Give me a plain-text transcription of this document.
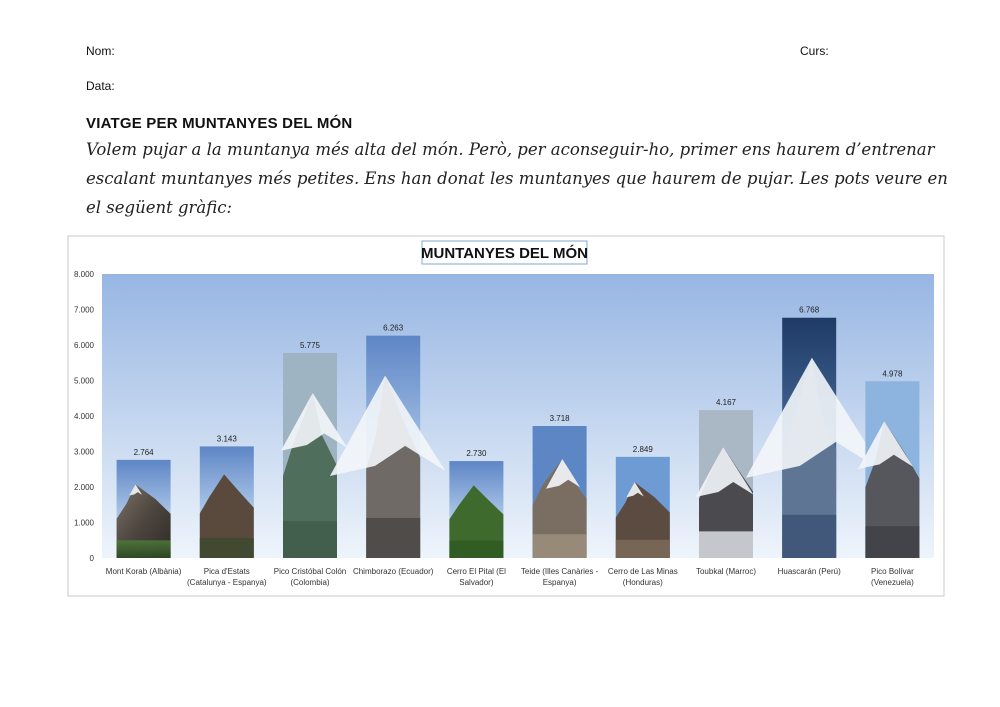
Nom:	Curs:
Data:
VIATGE PER MUNTANYES DEL MÓN
Volem pujar a la muntanya més alta del món. Però, per aconseguir-ho, primer ens haurem d’entrenar escalant muntanyes més petites. Ens han donat les muntanyes que haurem de pujar. Les pots veure en el següent gràfic:
0
1.000
2.000
3.000
4.000
5.000
6.000
7.000
8.000
2.764
3.143
5.775
6.263
2.730
3.718
2.849
4.167
6.768
4.978
Mont Korab (Albània)	Pica d'Estats (Catalunya - Espanya)
Pico Cristóbal Colón (Colombia)
Chimborazo (Ecuador) Cerro El Pital (El Salvador)
Teide (Illes Canàries -Espanya)
Cerro de Las Minas (Honduras)
Toubkal (Marroc)	Huascarán (Perú)	Pico Bolívar (Venezuela)
MUNTANYES DEL MÓN
